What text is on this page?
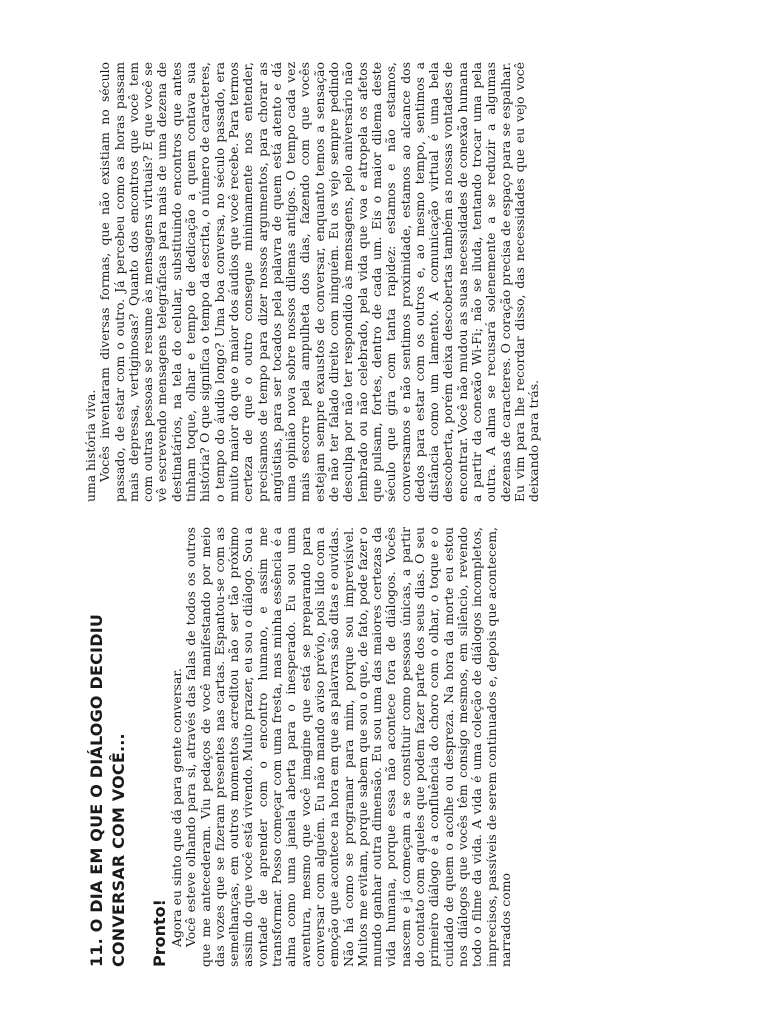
11. O DIA EM QUE O DIÁLOGO DECIDIU CONVERSAR COM VOCÊ... Pronto! Agora eu sinto que dá para gente conversar. Você esteve olhando para si, através das falas de todos os outros que me antecederam. Viu pedaços de você manifestando por meio das vozes que se fizeram presentes nas cartas. Espantou-se com as semelhanças, em outros momentos acreditou não ser tão próximo assim do que você está vivendo. Muito prazer, eu sou o diálogo. Sou a vontade de aprender com o encontro humano, e assim me transformar. Posso começar com uma fresta, mas minha essência é a alma como uma janela aberta para o inesperado. Eu sou uma aventura, mesmo que você imagine que está se preparando para conversar com alguém. Eu não mando aviso prévio, pois lido com a emoção que acontece na hora em que as palavras são ditas e ouvidas. Não há como se programar para mim, porque sou imprevisível. Muitos me evitam, porque sabem que sou o que, de fato, pode fazer o mundo ganhar outra dimensão. Eu sou uma das maiores certezas da vida humana, porque essa não acontece fora de diálogos. Vocês nascem e já começam a se constituir como pessoas únicas, a partir do contato com aqueles que podem fazer parte dos seus dias. O seu primeiro diálogo é a confluência do choro com o olhar, o toque e o cuidado de quem o acolhe ou despreza. Na hora da morte eu estou nos diálogos que vocês têm consigo mesmos, em silêncio, revendo todo o filme da vida. A vida é uma coleção de diálogos incompletos, imprecisos, passíveis de serem continuados e, depois que acontecem, narrados como

uma história viva. Vocês inventaram diversas formas, que não existiam no século passado, de estar com o outro. Já percebeu como as horas passam mais depressa, vertiginosas? Quanto dos encontros que você tem com outras pessoas se resume às mensagens virtuais? E que você se vê escrevendo mensagens telegráficas para mais de uma dezena de destinatários, na tela do celular, substituindo encontros que antes tinham toque, olhar e tempo de dedicação a quem contava sua história? O que significa o tempo da escrita, o número de caracteres, o tempo do áudio longo? Uma boa conversa, no século passado, era muito maior do que o maior dos áudios que você recebe. Para termos certeza de que o outro consegue minimamente nos entender, precisamos de tempo para dizer nossos argumentos, para chorar as angústias, para ser tocados pela palavra de quem está atento e dá uma opinião nova sobre nossos dilemas antigos. O tempo cada vez mais escorre pela ampulheta dos dias, fazendo com que vocês estejam sempre exaustos de conversar, enquanto temos a sensação de não ter falado direito com ninguém. Eu os vejo sempre pedindo desculpa por não ter respondido às mensagens, pelo aniversário não lembrado ou não celebrado, pela vida que voa e atropela os afetos que pulsam, fortes, dentro de cada um. Eis o maior dilema deste século que gira com tanta rapidez: estamos e não estamos, conversamos e não sentimos proximidade, estamos ao alcance dos dedos para estar com os outros e, ao mesmo tempo, sentimos a distância como um lamento. A comunicação virtual é uma bela descoberta, porém deixa descobertas também as nossas vontades de encontrar. Você não mudou as suas necessidades de conexão humana a partir da conexão Wi-Fi; não se iluda, tentando trocar uma pela outra. A alma se recusará solenemente a se reduzir a algumas dezenas de caracteres. O coração precisa de espaço para se espalhar. Eu vim para lhe recordar disso, das necessidades que eu vejo você deixando para trás.
